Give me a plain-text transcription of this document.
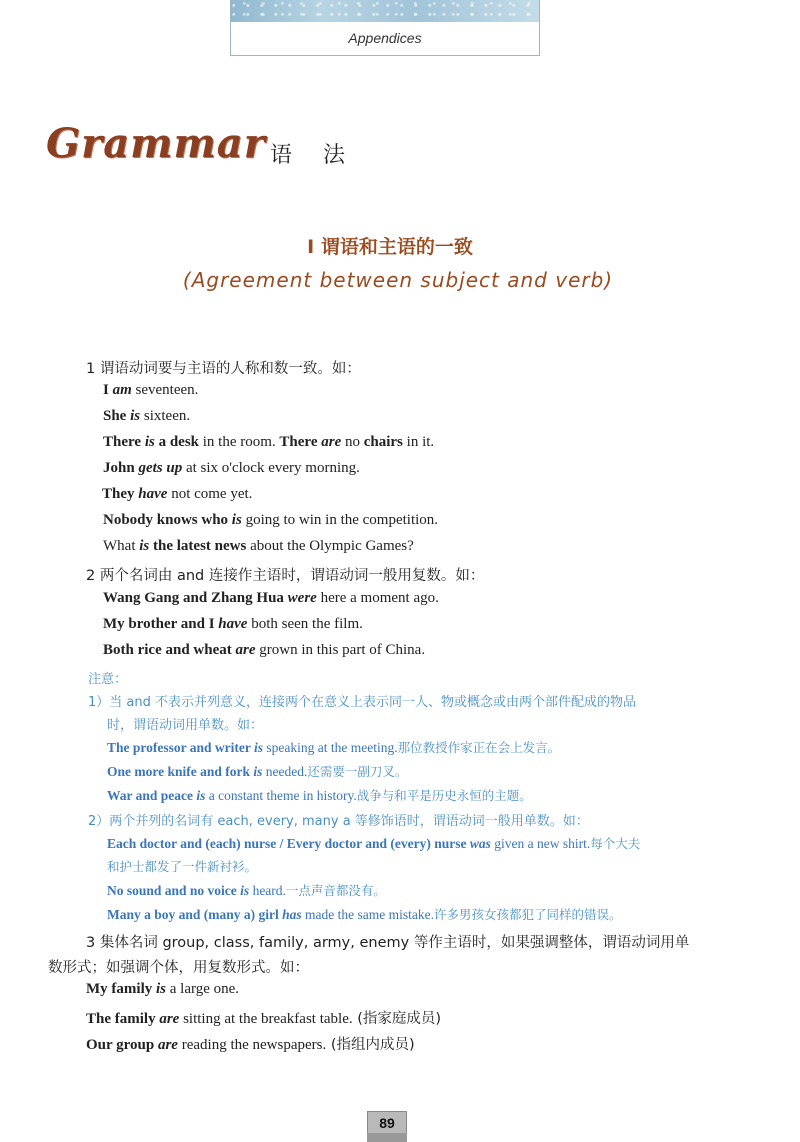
Appendices
Grammar 语 法
I 谓语和主语的一致
(Agreement between subject and verb)
1 谓语动词要与主语的人称和数一致。如：
I am seventeen.
She is sixteen.
There is a desk in the room. There are no chairs in it.
John gets up at six o'clock every morning.
They have not come yet.
Nobody knows who is going to win in the competition.
What is the latest news about the Olympic Games?
2 两个名词由 and 连接作主语时，谓语动词一般用复数。如：
Wang Gang and Zhang Hua were here a moment ago.
My brother and I have both seen the film.
Both rice and wheat are grown in this part of China.
注意：
1）当 and 不表示并列意义，连接两个在意义上表示同一人、物或概念或由两个部件配成的物品
时，谓语动词用单数。如：
The professor and writer is speaking at the meeting.那位教授作家正在会上发言。
One more knife and fork is needed.还需要一副刀叉。
War and peace is a constant theme in history.战争与和平是历史永恒的主题。
2）两个并列的名词有 each, every, many a 等修饰语时，谓语动词一般用单数。如：
Each doctor and (each) nurse / Every doctor and (every) nurse was given a new shirt.每个大夫
和护士都发了一件新衬衫。
No sound and no voice is heard.一点声音都没有。
Many a boy and (many a) girl has made the same mistake.许多男孩女孩都犯了同样的错误。
3 集体名词 group, class, family, army, enemy 等作主语时，如果强调整体，谓语动词用单
数形式；如强调个体，用复数形式。如：
My family is a large one.
The family are sitting at the breakfast table. (指家庭成员)
Our group are reading the newspapers. (指组内成员)
89
